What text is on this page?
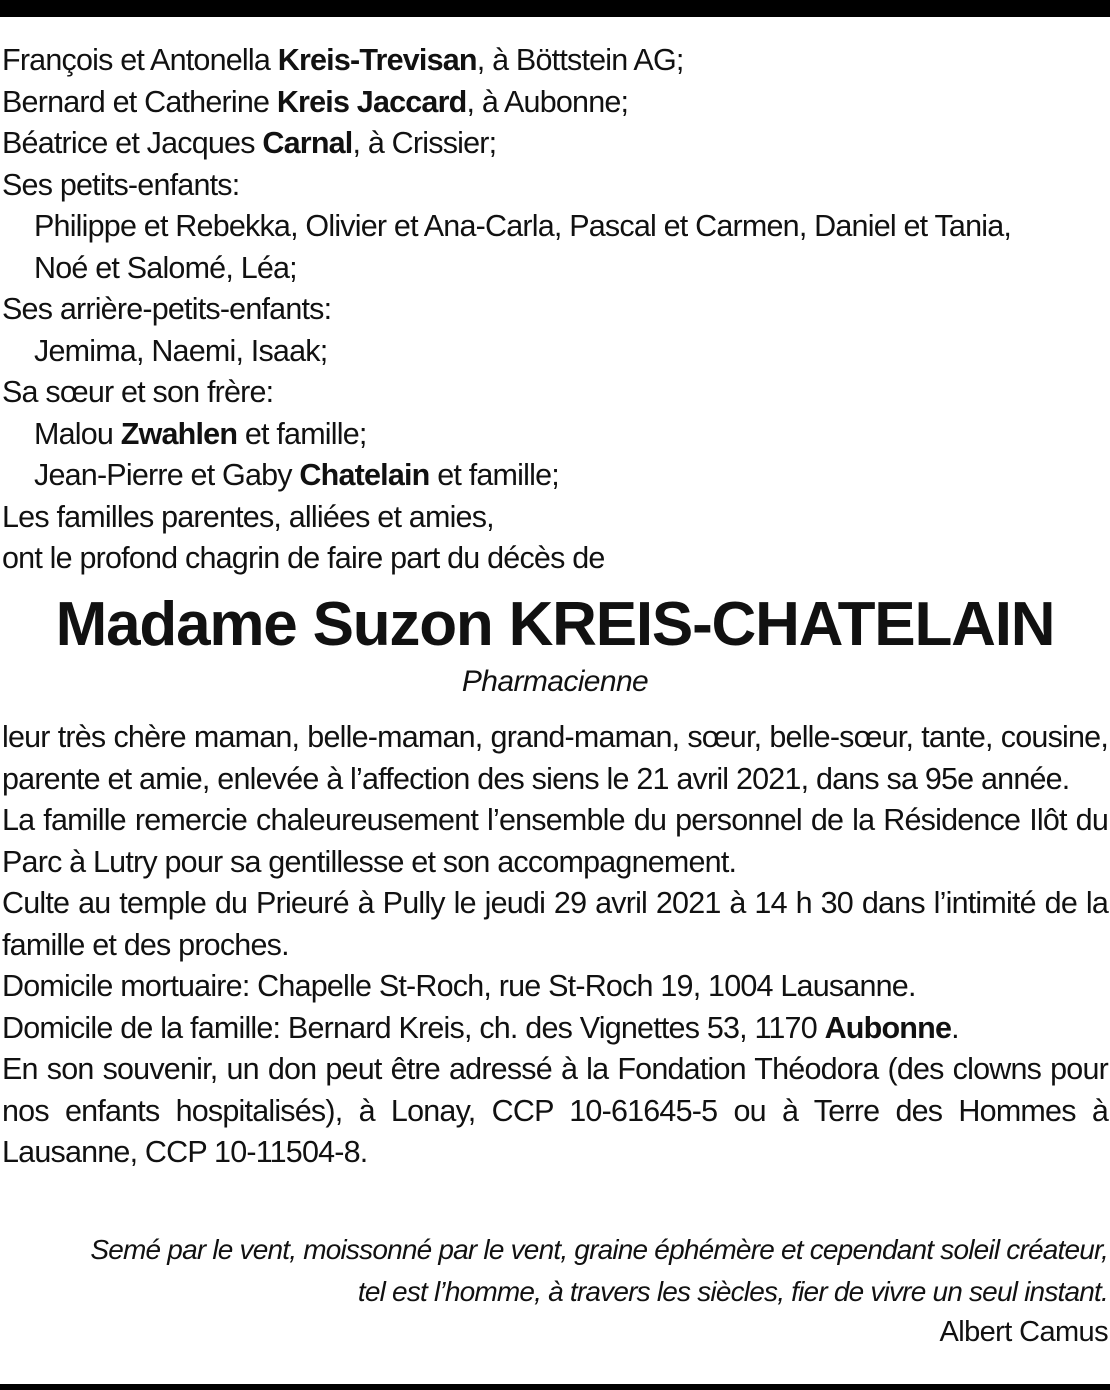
François et Antonella Kreis-Trevisan, à Böttstein AG;
Bernard et Catherine Kreis Jaccard, à Aubonne;
Béatrice et Jacques Carnal, à Crissier;
Ses petits-enfants:
Philippe et Rebekka, Olivier et Ana-Carla, Pascal et Carmen, Daniel et Tania,
Noé et Salomé, Léa;
Ses arrière-petits-enfants:
Jemima, Naemi, Isaak;
Sa sœur et son frère:
Malou Zwahlen et famille;
Jean-Pierre et Gaby Chatelain et famille;
Les familles parentes, alliées et amies,
ont le profond chagrin de faire part du décès de
Madame Suzon KREIS-CHATELAIN
Pharmacienne

leur très chère maman, belle-maman, grand-maman, sœur, belle-sœur, tante, cousine, parente et amie, enlevée à l’affection des siens le 21 avril 2021, dans sa 95e année.

La famille remercie chaleureusement l’ensemble du personnel de la Résidence Ilôt du Parc à Lutry pour sa gentillesse et son accompagnement.

Culte au temple du Prieuré à Pully le jeudi 29 avril 2021 à 14 h 30 dans l’intimité de la famille et des proches.

Domicile mortuaire: Chapelle St-Roch, rue St-Roch 19, 1004 Lausanne.

Domicile de la famille: Bernard Kreis, ch. des Vignettes 53, 1170 Aubonne.

En son souvenir, un don peut être adressé à la Fondation Théodora (des clowns pour nos enfants hospitalisés), à Lonay, CCP 10-61645-5 ou à Terre des Hommes à Lausanne, CCP 10-11504-8.

Semé par le vent, moissonné par le vent, graine éphémère et cependant soleil créateur,
tel est l’homme, à travers les siècles, fier de vivre un seul instant.
Albert Camus
